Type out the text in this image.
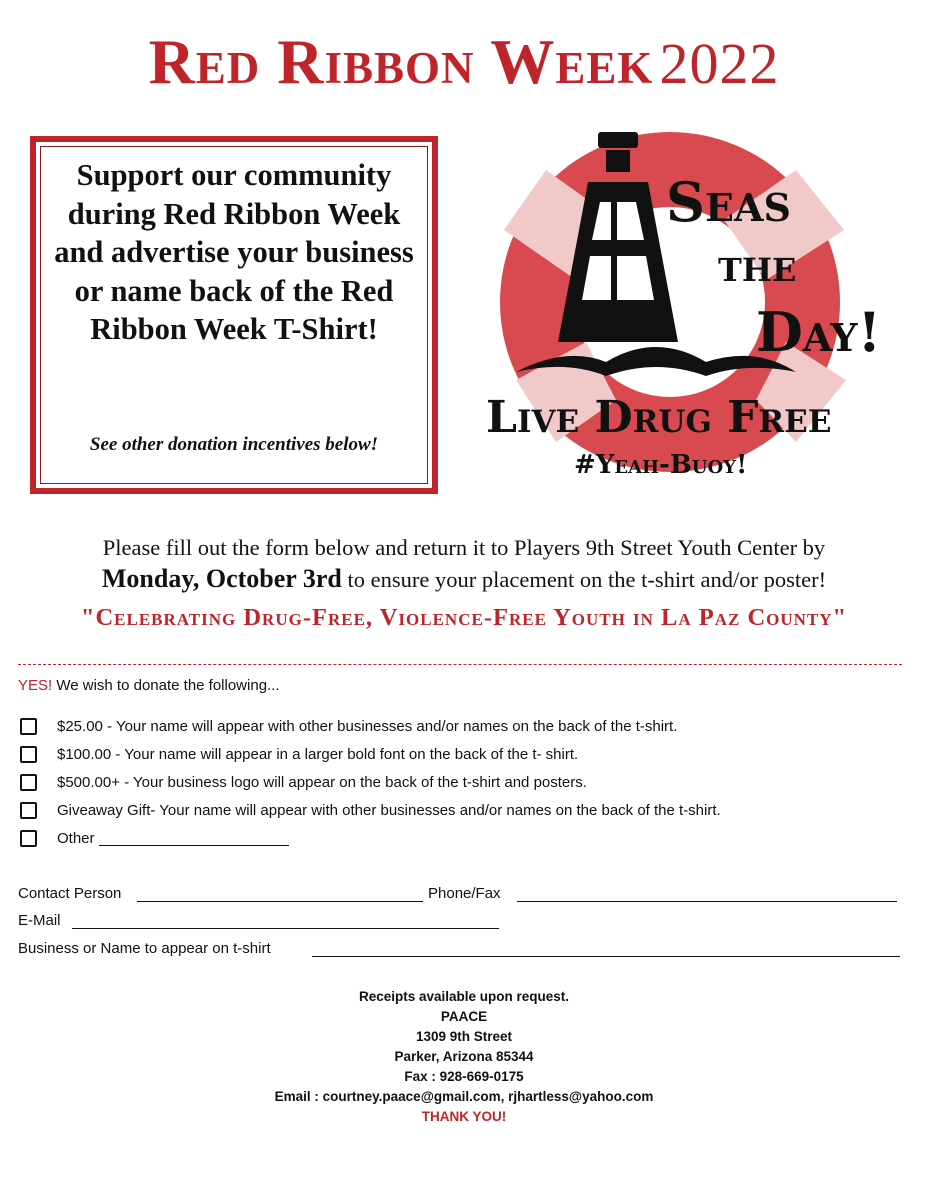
Red Ribbon Week 2022
Support our community during Red Ribbon Week and advertise your business or name back of the Red Ribbon Week T-Shirt!
See other donation incentives below!
Seas
the
Day!
Live Drug Free
#Yeah-Buoy!
Please fill out the form below and return it to Players 9th Street Youth Center by
Monday, October 3rd to ensure your placement on the t-shirt and/or poster!
"Celebrating Drug-Free, Violence-Free Youth in La Paz County"
YES! We wish to donate the following...
$25.00 - Your name will appear with other businesses and/or names on the back of the t-shirt.
$100.00 - Your name will appear in a larger bold font on the back of the t- shirt.
$500.00+ - Your business logo will appear on the back of the t-shirt and posters.
Giveaway Gift- Your name will appear with other businesses and/or names on the back of the t-shirt.
Other
Contact Person	Phone/Fax
E-Mail
Business or Name to appear on t-shirt
Receipts available upon request.
PAACE
1309 9th Street
Parker, Arizona 85344
Fax : 928-669-0175
Email : courtney.paace@gmail.com, rjhartless@yahoo.com
THANK YOU!
